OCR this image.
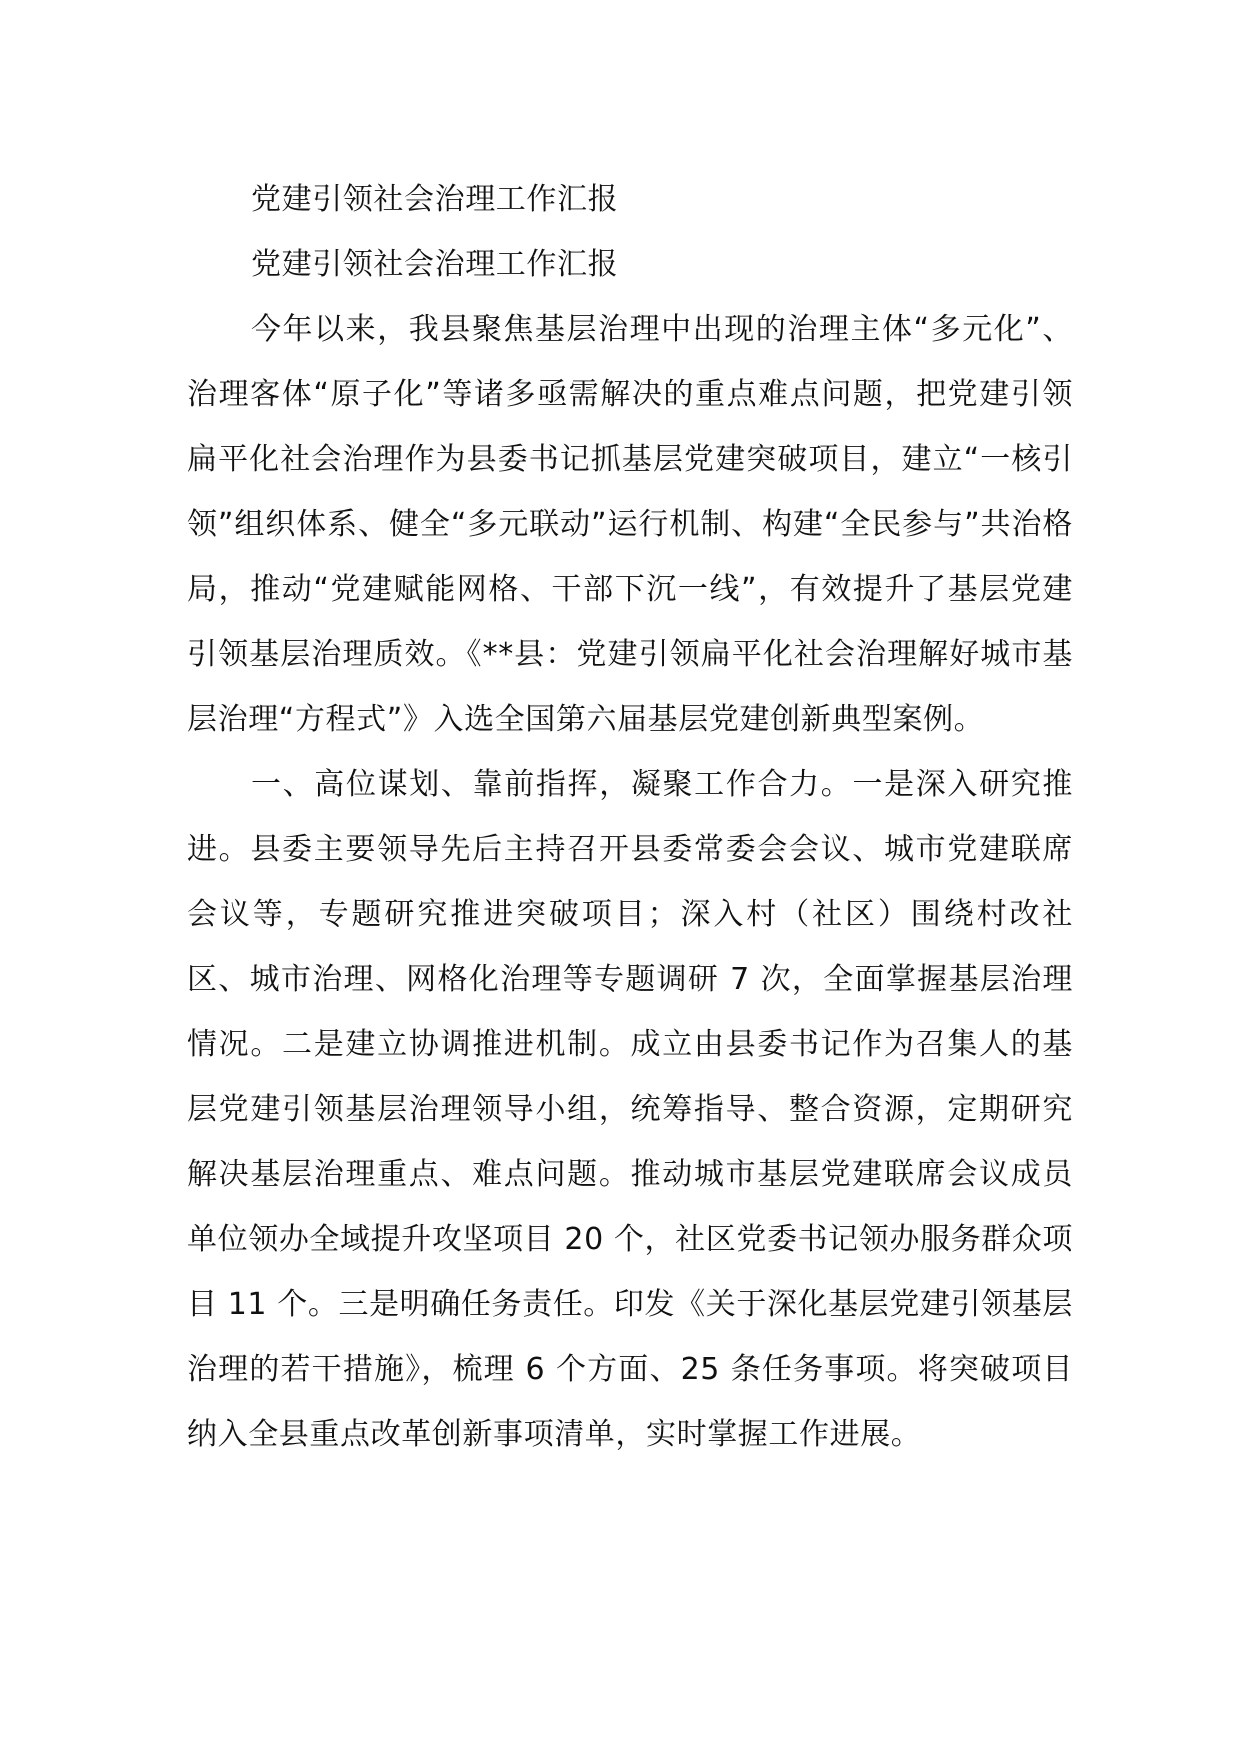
党建引领社会治理工作汇报

党建引领社会治理工作汇报

今年以来，我县聚焦基层治理中出现的治理主体“多元化”、治理客体“原子化”等诸多亟需解决的重点难点问题，把党建引领扁平化社会治理作为县委书记抓基层党建突破项目，建立“一核引领”组织体系、健全“多元联动”运行机制、构建“全民参与”共治格局，推动“党建赋能网格、干部下沉一线”，有效提升了基层党建引领基层治理质效。《**县：党建引领扁平化社会治理解好城市基层治理“方程式”》入选全国第六届基层党建创新典型案例。

一、高位谋划、靠前指挥，凝聚工作合力。一是深入研究推进。县委主要领导先后主持召开县委常委会会议、城市党建联席会议等，专题研究推进突破项目；深入村（社区）围绕村改社区、城市治理、网格化治理等专题调研 7 次，全面掌握基层治理情况。二是建立协调推进机制。成立由县委书记作为召集人的基层党建引领基层治理领导小组，统筹指导、整合资源，定期研究解决基层治理重点、难点问题。推动城市基层党建联席会议成员单位领办全域提升攻坚项目 20 个，社区党委书记领办服务群众项目 11 个。三是明确任务责任。印发《关于深化基层党建引领基层治理的若干措施》，梳理 6 个方面、25 条任务事项。将突破项目纳入全县重点改革创新事项清单，实时掌握工作进展。
